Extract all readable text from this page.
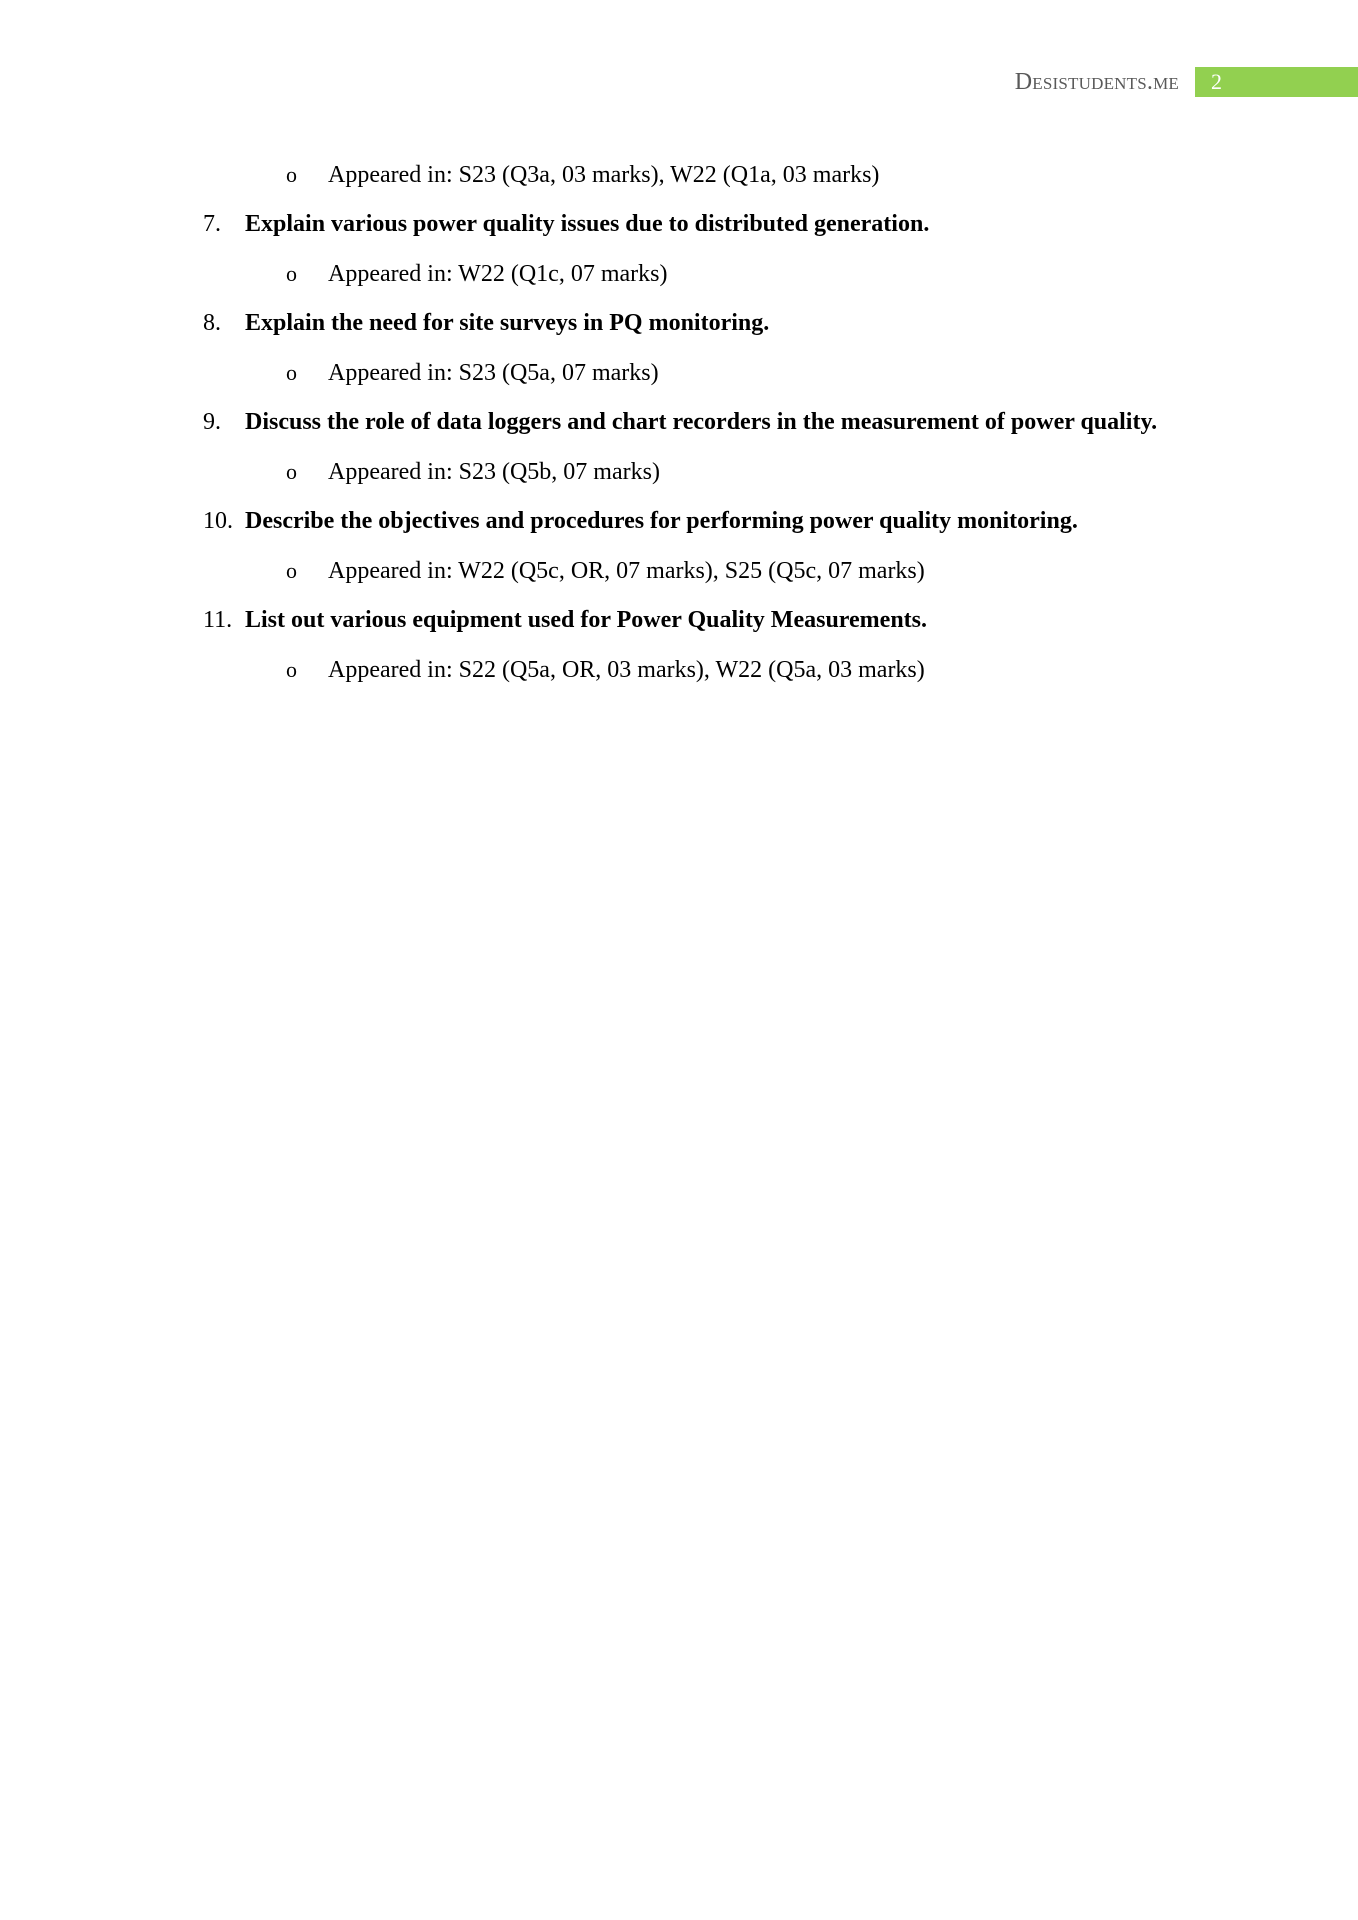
Desistudents.me	2
o Appeared in: S23 (Q3a, 03 marks), W22 (Q1a, 03 marks)
7. Explain various power quality issues due to distributed generation.
o Appeared in: W22 (Q1c, 07 marks)
8. Explain the need for site surveys in PQ monitoring.
o Appeared in: S23 (Q5a, 07 marks)
9. Discuss the role of data loggers and chart recorders in the measurement of power quality.
o Appeared in: S23 (Q5b, 07 marks)
10. Describe the objectives and procedures for performing power quality monitoring.
o Appeared in: W22 (Q5c, OR, 07 marks), S25 (Q5c, 07 marks)
11. List out various equipment used for Power Quality Measurements.
o Appeared in: S22 (Q5a, OR, 03 marks), W22 (Q5a, 03 marks)
